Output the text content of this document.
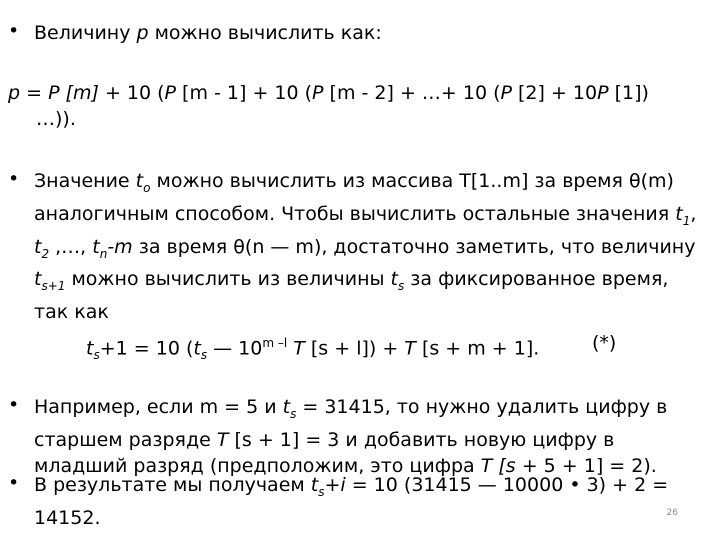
• Величину p можно вычислить как:
p = P [m] + 10 (P [m - 1] + 10 (P [m - 2] + …+ 10 (P [2] + 10P [1])
…)).
• Значение $t_o$ можно вычислить из массива T[1..m] за время θ(m) аналогичным способом. Чтобы вычислить остальные значения $t_1$, $t_2$ ,…, $t_n-m$ за время θ(n — m), достаточно заметить, что величину $t_{s+1}$ можно вычислить из величины $t_s$ за фиксированное время, так как
$t_s+1 = 10$ ($t_s$ — 10$^{m -l}$ T [s + l]) + T [s + m + 1].	(*)
• Например, если m = 5 и $t_s = 31415$, то нужно удалить цифру в старшем разряде T [s + 1] = 3 и добавить новую цифру в младший разряд (предположим, это цифра T [s + 5 + 1] = 2).
• В результате мы получаем $t_s+i = 10$ (31415 — 10000 • 3) + 2 = 14152.	26
